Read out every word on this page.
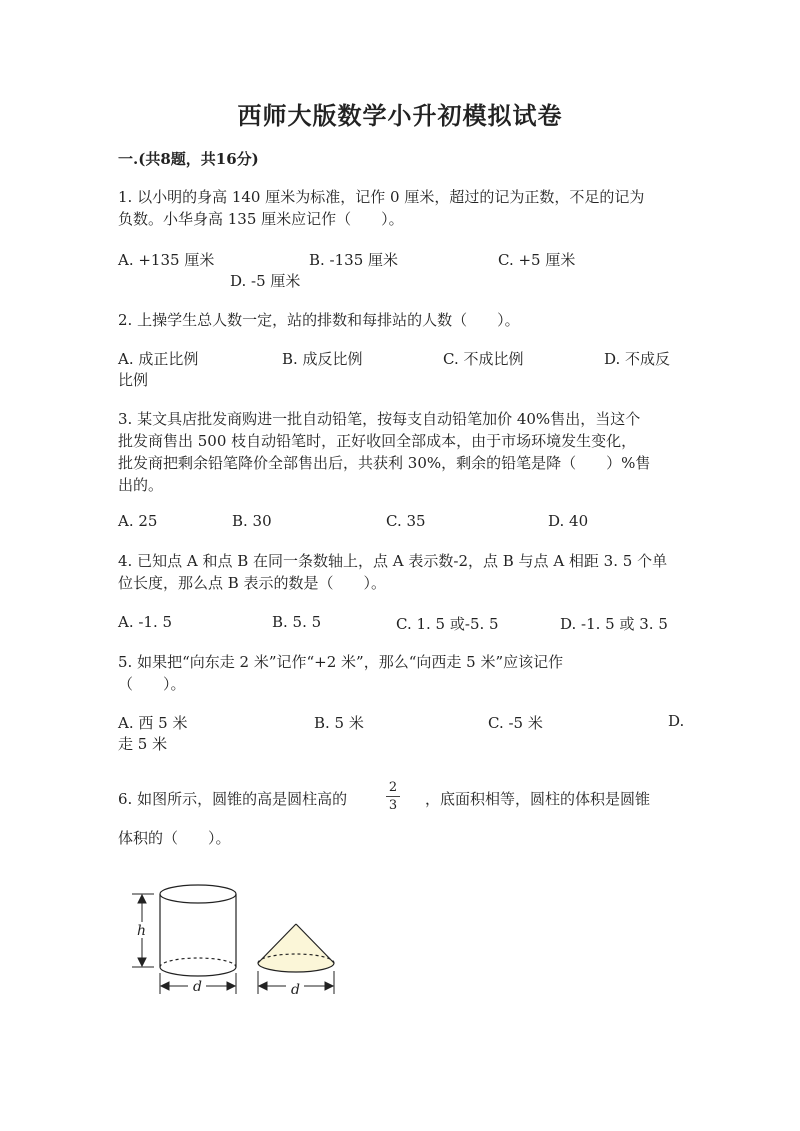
西师大版数学小升初模拟试卷
一.(共8题，共16分)
1. 以小明的身高 140 厘米为标准，记作 0 厘米，超过的记为正数，不足的记为
负数。小华身高 135 厘米应记作（　　）。
A. +135 厘米	B. -135 厘米	C. +5 厘米
D. -5 厘米
2. 上操学生总人数一定，站的排数和每排站的人数（　　）。
A. 成正比例	B. 成反比例	C. 不成比例	D. 不成反
比例
3. 某文具店批发商购进一批自动铅笔，按每支自动铅笔加价 40%售出，当这个
批发商售出 500 枝自动铅笔时，正好收回全部成本，由于市场环境发生变化，
批发商把剩余铅笔降价全部售出后，共获利 30%，剩余的铅笔是降（　　）%售
出的。
A. 25	B. 30	C. 35	D. 40
4. 已知点 A 和点 B 在同一条数轴上，点 A 表示数-2，点 B 与点 A 相距 3. 5 个单
位长度，那么点 B 表示的数是（　　）。
A. -1. 5	B. 5. 5	C. 1. 5 或-5. 5	D. -1. 5 或 3. 5
5. 如果把“向东走 2 米”记作“+2 米”，那么“向西走 5 米”应该记作
（　　）。
A. 西 5 米	B. 5 米	C. -5 米	D.
走 5 米
6. 如图所示，圆锥的高是圆柱高的
2
3 ，底面积相等，圆柱的体积是圆锥
体积的（　　）。
h
d	d
